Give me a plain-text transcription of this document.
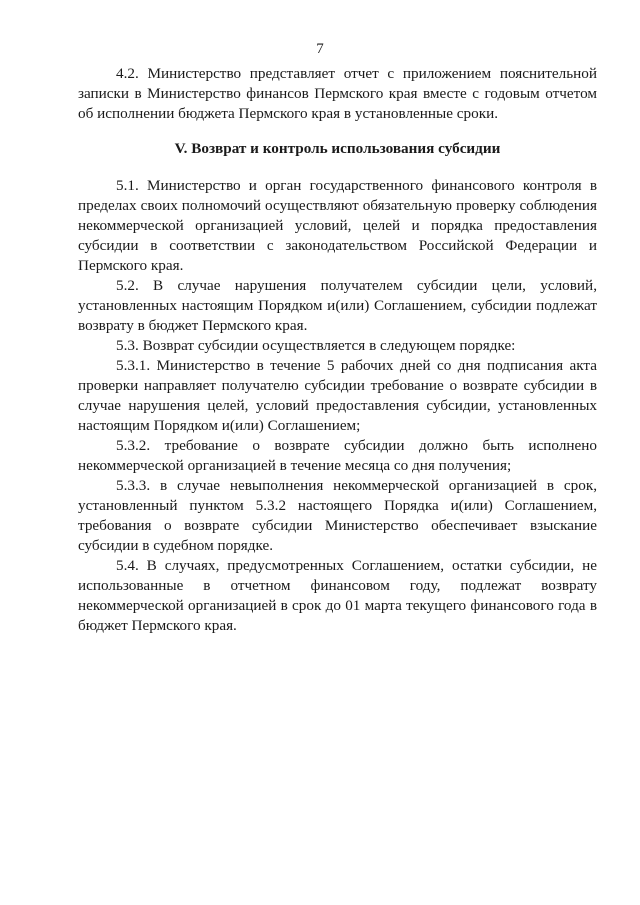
7

4.2. Министерство представляет отчет с приложением пояснительной записки в Министерство финансов Пермского края вместе с годовым отчетом об исполнении бюджета Пермского края в установленные сроки.

V. Возврат и контроль использования субсидии

5.1. Министерство и орган государственного финансового контроля в пределах своих полномочий осуществляют обязательную проверку соблюдения некоммерческой организацией условий, целей и порядка предоставления субсидии в соответствии с законодательством Российской Федерации и Пермского края.

5.2. В случае нарушения получателем субсидии цели, условий, установленных настоящим Порядком и(или) Соглашением, субсидии подлежат возврату в бюджет Пермского края.

5.3. Возврат субсидии осуществляется в следующем порядке:

5.3.1. Министерство в течение 5 рабочих дней со дня подписания акта проверки направляет получателю субсидии требование о возврате субсидии в случае нарушения целей, условий предоставления субсидии, установленных настоящим Порядком и(или) Соглашением;

5.3.2. требование о возврате субсидии должно быть исполнено некоммерческой организацией в течение месяца со дня получения;

5.3.3. в случае невыполнения некоммерческой организацией в срок, установленный пунктом 5.3.2 настоящего Порядка и(или) Соглашением, требования о возврате субсидии Министерство обеспечивает взыскание субсидии в судебном порядке.

5.4. В случаях, предусмотренных Соглашением, остатки субсидии, не использованные в отчетном финансовом году, подлежат возврату некоммерческой организацией в срок до 01 марта текущего финансового года в бюджет Пермского края.
